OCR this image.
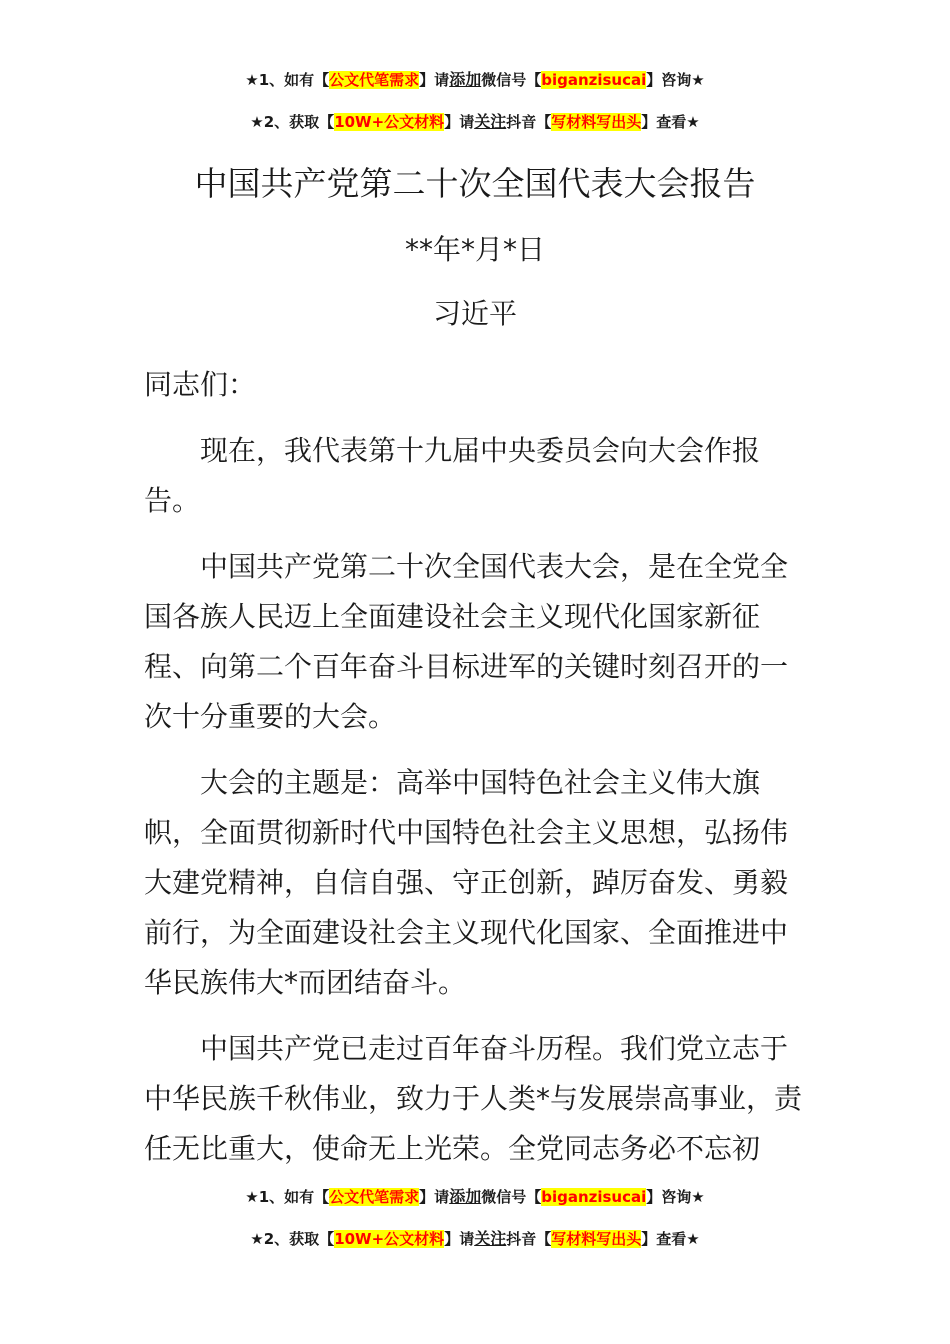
★1、如有【公文代笔需求】请添加微信号【biganzisucai】咨询★
★2、获取【10W+公文材料】请关注抖音【写材料写出头】查看★
中国共产党第二十次全国代表大会报告
**年*月*日
习近平

同志们：

现在，我代表第十九届中央委员会向大会作报告。

中国共产党第二十次全国代表大会，是在全党全国各族人民迈上全面建设社会主义现代化国家新征程、向第二个百年奋斗目标进军的关键时刻召开的一次十分重要的大会。

大会的主题是：高举中国特色社会主义伟大旗帜，全面贯彻新时代中国特色社会主义思想，弘扬伟大建党精神，自信自强、守正创新，踔厉奋发、勇毅前行，为全面建设社会主义现代化国家、全面推进中华民族伟大*而团结奋斗。

中国共产党已走过百年奋斗历程。我们党立志于中华民族千秋伟业，致力于人类*与发展崇高事业，责任无比重大，使命无上光荣。全党同志务必不忘初

★1、如有【公文代笔需求】请添加微信号【biganzisucai】咨询★
★2、获取【10W+公文材料】请关注抖音【写材料写出头】查看★
